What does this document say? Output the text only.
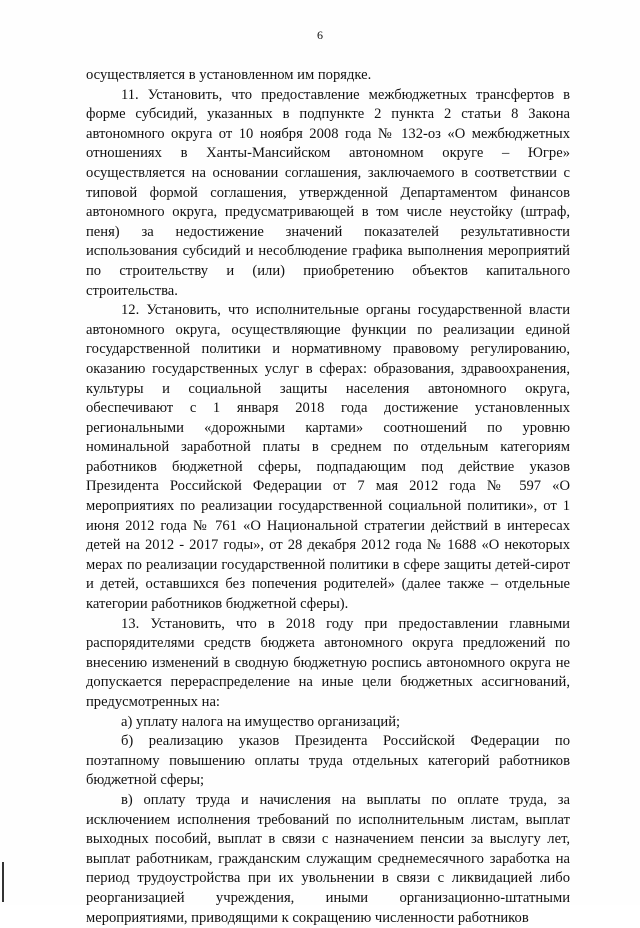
6

осуществляется в установленном им порядке.

11. Установить, что предоставление межбюджетных трансфертов в форме субсидий, указанных в подпункте 2 пункта 2 статьи 8 Закона автономного округа от 10 ноября 2008 года № 132-оз «О межбюджетных отношениях в Ханты-Мансийском автономном округе – Югре» осуществляется на основании соглашения, заключаемого в соответствии с типовой формой соглашения, утвержденной Департаментом финансов автономного округа, предусматривающей в том числе неустойку (штраф, пеня) за недостижение значений показателей результативности использования субсидий и несоблюдение графика выполнения мероприятий по строительству и (или) приобретению объектов капитального строительства.

12. Установить, что исполнительные органы государственной власти автономного округа, осуществляющие функции по реализации единой государственной политики и нормативному правовому регулированию, оказанию государственных услуг в сферах: образования, здравоохранения, культуры и социальной защиты населения автономного округа, обеспечивают с 1 января 2018 года достижение установленных региональными «дорожными картами» соотношений по уровню номинальной заработной платы в среднем по отдельным категориям работников бюджетной сферы, подпадающим под действие указов Президента Российской Федерации от 7 мая 2012 года № 597 «О мероприятиях по реализации государственной социальной политики», от 1 июня 2012 года № 761 «О Национальной стратегии действий в интересах детей на 2012 - 2017 годы», от 28 декабря 2012 года № 1688 «О некоторых мерах по реализации государственной политики в сфере защиты детей-сирот и детей, оставшихся без попечения родителей» (далее также – отдельные категории работников бюджетной сферы).

13. Установить, что в 2018 году при предоставлении главными распорядителями средств бюджета автономного округа предложений по внесению изменений в сводную бюджетную роспись автономного округа не допускается перераспределение на иные цели бюджетных ассигнований, предусмотренных на:

а) уплату налога на имущество организаций;

б) реализацию указов Президента Российской Федерации по поэтапному повышению оплаты труда отдельных категорий работников бюджетной сферы;

в) оплату труда и начисления на выплаты по оплате труда, за исключением исполнения требований по исполнительным листам, выплат выходных пособий, выплат в связи с назначением пенсии за выслугу лет, выплат работникам, гражданским служащим среднемесячного заработка на период трудоустройства при их увольнении в связи с ликвидацией либо реорганизацией учреждения, иными организационно-штатными мероприятиями, приводящими к сокращению численности работников
